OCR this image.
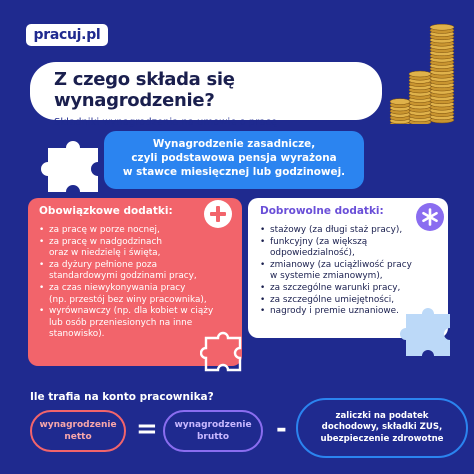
pracuj.pl
Z czego składa się wynagrodzenie?

Składniki wynagrodzenia na umowie o pracę

Wynagrodzenie zasadnicze,
czyli podstawowa pensja wyrażona
w stawce miesięcznej lub godzinowej.
Obowiązkowe dodatki:
• za pracę w porze nocnej,
• za pracę w nadgodzinach
oraz w niedzielę i święta,
• za dyżury pełnione poza
standardowymi godzinami pracy,
• za czas niewykonywania pracy
(np. przestój bez winy pracownika),
• wyrównawczy (np. dla kobiet w ciąży
lub osób przeniesionych na inne
stanowisko).
Dobrowolne dodatki:
• stażowy (za długi staż pracy),
• funkcyjny (za większą
odpowiedzialność),
• zmianowy (za uciążliwość pracy
w systemie zmianowym),
• za szczególne warunki pracy,
• za szczególne umiejętności,
• nagrody i premie uznaniowe.
Ile trafia na konto pracownika?
wynagrodzenie
netto	= wynagrodzenie
brutto	-	zaliczki na podatek
dochodowy, składki ZUS,
ubezpieczenie zdrowotne
